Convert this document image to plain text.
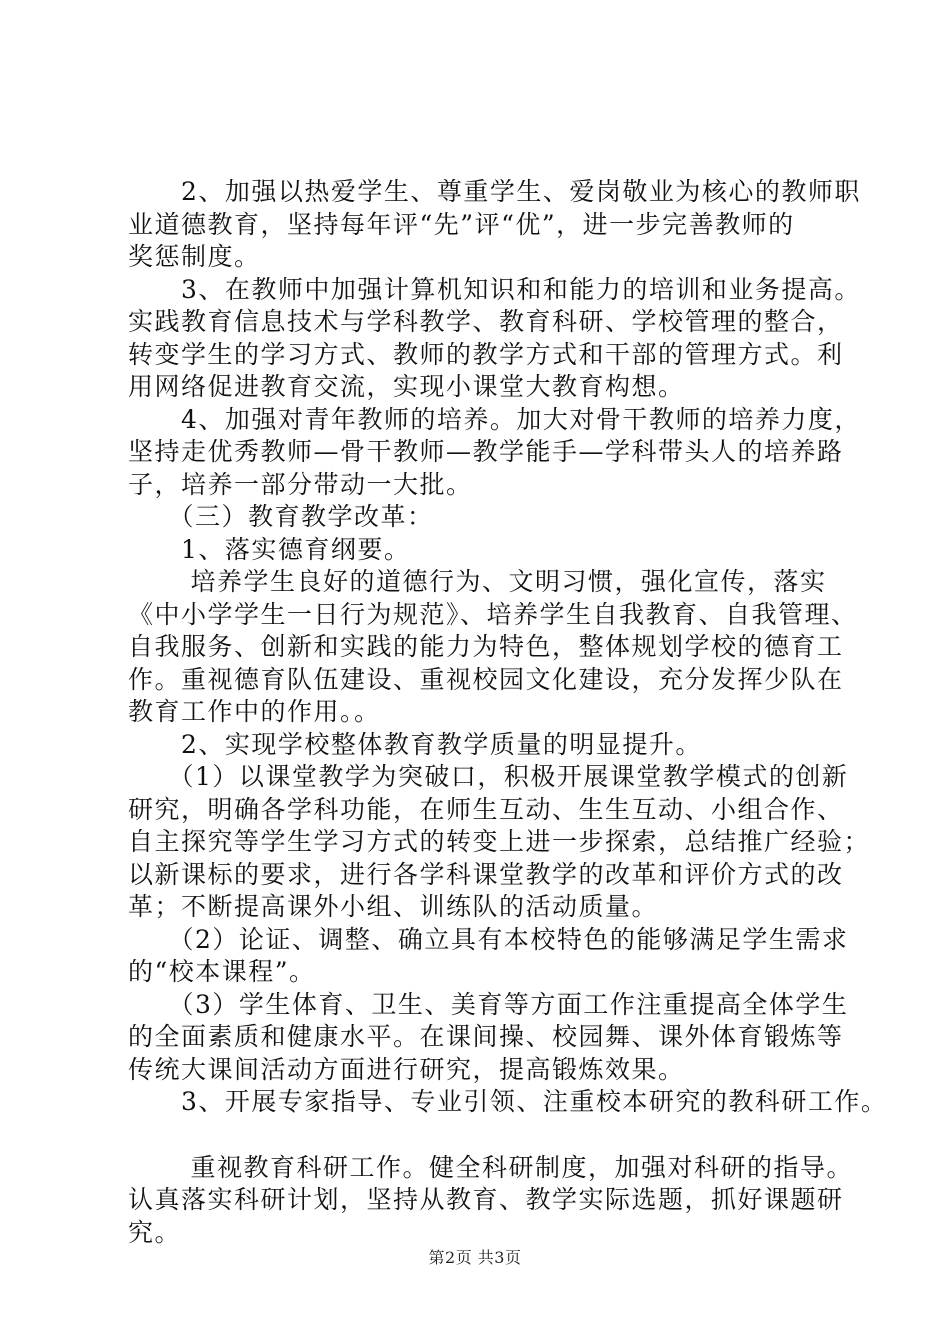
　　2、加强以热爱学生、尊重学生、爱岗敬业为核心的教师职
业道德教育，坚持每年评“先”评“优”，进一步完善教师的
奖惩制度。

　　3、在教师中加强计算机知识和和能力的培训和业务提高。
实践教育信息技术与学科教学、教育科研、学校管理的整合，
转变学生的学习方式、教师的教学方式和干部的管理方式。利
用网络促进教育交流，实现小课堂大教育构想。

　　4、加强对青年教师的培养。加大对骨干教师的培养力度，
坚持走优秀教师—骨干教师—教学能手—学科带头人的培养路
子，培养一部分带动一大批。

　　（三）教育教学改革：

　　1、落实德育纲要。

　　 培养学生良好的道德行为、文明习惯，强化宣传，落实
《中小学学生一日行为规范》、培养学生自我教育、自我管理、
自我服务、创新和实践的能力为特色，整体规划学校的德育工
作。重视德育队伍建设、重视校园文化建设，充分发挥少队在
教育工作中的作用。。

　　2、实现学校整体教育教学质量的明显提升。

　　（1）以课堂教学为突破口，积极开展课堂教学模式的创新
研究，明确各学科功能，在师生互动、生生互动、小组合作、
自主探究等学生学习方式的转变上进一步探索，总结推广经验；
以新课标的要求，进行各学科课堂教学的改革和评价方式的改
革；不断提高课外小组、训练队的活动质量。

　　（2）论证、调整、确立具有本校特色的能够满足学生需求
的“校本课程”。

　　（3）学生体育、卫生、美育等方面工作注重提高全体学生
的全面素质和健康水平。在课间操、校园舞、课外体育锻炼等
传统大课间活动方面进行研究，提高锻炼效果。

　　3、开展专家指导、专业引领、注重校本研究的教科研工作。

　　 重视教育科研工作。健全科研制度，加强对科研的指导。
认真落实科研计划，坚持从教育、教学实际选题，抓好课题研
究。

第2页 共3页
